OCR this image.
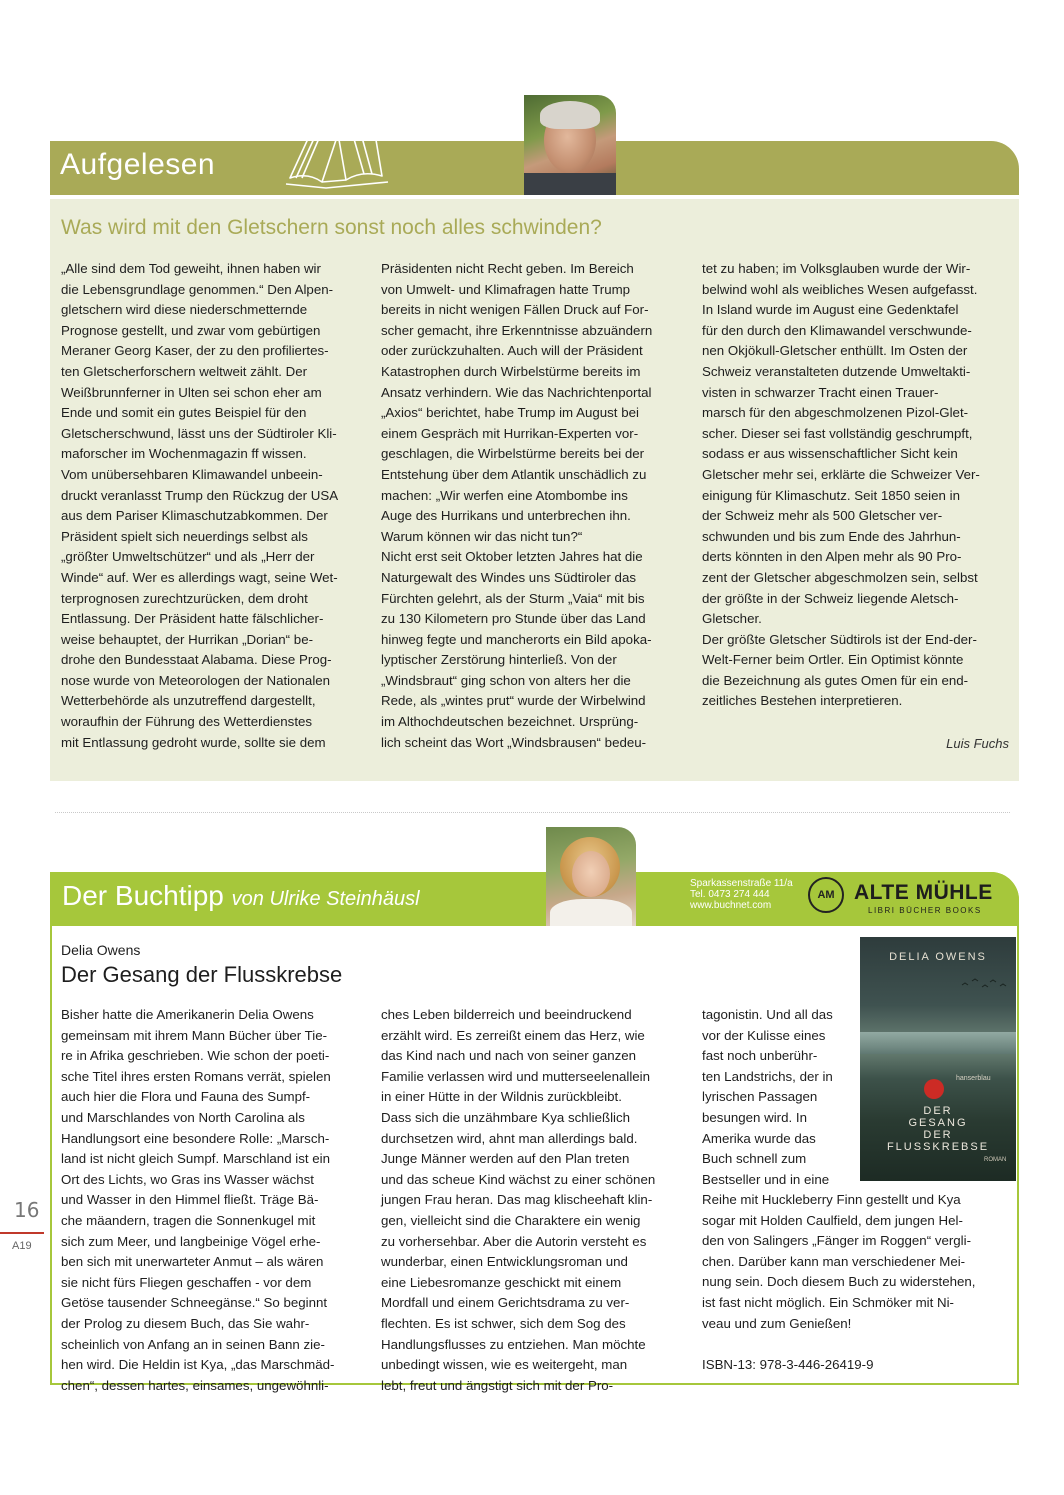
Aufgelesen
Was wird mit den Gletschern sonst noch alles schwinden?
„Alle sind dem Tod geweiht, ihnen haben wir
die Lebensgrundlage genommen.“ Den Alpen-
gletschern wird diese niederschmetternde
Prognose gestellt, und zwar vom gebürtigen
Meraner Georg Kaser, der zu den profiliertes-
ten Gletscherforschern weltweit zählt. Der
Weißbrunnferner in Ulten sei schon eher am
Ende und somit ein gutes Beispiel für den
Gletscherschwund, lässt uns der Südtiroler Kli-
maforscher im Wochenmagazin ff wissen.
Vom unübersehbaren Klimawandel unbeein-
druckt veranlasst Trump den Rückzug der USA
aus dem Pariser Klimaschutzabkommen. Der
Präsident spielt sich neuerdings selbst als
„größter Umweltschützer“ und als „Herr der
Winde“ auf. Wer es allerdings wagt, seine Wet-
terprognosen zurechtzurücken, dem droht
Entlassung. Der Präsident hatte fälschlicher-
weise behauptet, der Hurrikan „Dorian“ be-
drohe den Bundesstaat Alabama. Diese Prog-
nose wurde von Meteorologen der Nationalen
Wetterbehörde als unzutreffend dargestellt,
woraufhin der Führung des Wetterdienstes
mit Entlassung gedroht wurde, sollte sie dem
Präsidenten nicht Recht geben. Im Bereich
von Umwelt- und Klimafragen hatte Trump
bereits in nicht wenigen Fällen Druck auf For-
scher gemacht, ihre Erkenntnisse abzuändern
oder zurückzuhalten. Auch will der Präsident
Katastrophen durch Wirbelstürme bereits im
Ansatz verhindern. Wie das Nachrichtenportal
„Axios“ berichtet, habe Trump im August bei
einem Gespräch mit Hurrikan-Experten vor-
geschlagen, die Wirbelstürme bereits bei der
Entstehung über dem Atlantik unschädlich zu
machen: „Wir werfen eine Atombombe ins
Auge des Hurrikans und unterbrechen ihn.
Warum können wir das nicht tun?“
Nicht erst seit Oktober letzten Jahres hat die
Naturgewalt des Windes uns Südtiroler das
Fürchten gelehrt, als der Sturm „Vaia“ mit bis
zu 130 Kilometern pro Stunde über das Land
hinweg fegte und mancherorts ein Bild apoka-
lyptischer Zerstörung hinterließ. Von der
„Windsbraut“ ging schon von alters her die
Rede, als „wintes prut“ wurde der Wirbelwind
im Althochdeutschen bezeichnet. Ursprüng-
lich scheint das Wort „Windsbrausen“ bedeu-
tet zu haben; im Volksglauben wurde der Wir-
belwind wohl als weibliches Wesen aufgefasst.
In Island wurde im August eine Gedenktafel
für den durch den Klimawandel verschwunde-
nen Okjökull-Gletscher enthüllt. Im Osten der
Schweiz veranstalteten dutzende Umweltakti-
visten in schwarzer Tracht einen Trauer-
marsch für den abgeschmolzenen Pizol-Glet-
scher. Dieser sei fast vollständig geschrumpft,
sodass er aus wissenschaftlicher Sicht kein
Gletscher mehr sei, erklärte die Schweizer Ver-
einigung für Klimaschutz. Seit 1850 seien in
der Schweiz mehr als 500 Gletscher ver-
schwunden und bis zum Ende des Jahrhun-
derts könnten in den Alpen mehr als 90 Pro-
zent der Gletscher abgeschmolzen sein, selbst
der größte in der Schweiz liegende Aletsch-
Gletscher.
Der größte Gletscher Südtirols ist der End-der-
Welt-Ferner beim Ortler. Ein Optimist könnte
die Bezeichnung als gutes Omen für ein end-
zeitliches Bestehen interpretieren.
Luis Fuchs
Der Buchtipp von Ulrike Steinhäusl
Sparkassenstraße 11/a
Tel. 0473 274 444
www.buchnet.com
AM ALTE MÜHLE
LIBRI BÜCHER BOOKS
Delia Owens
Der Gesang der Flusskrebse
Bisher hatte die Amerikanerin Delia Owens
gemeinsam mit ihrem Mann Bücher über Tie-
re in Afrika geschrieben. Wie schon der poeti-
sche Titel ihres ersten Romans verrät, spielen
auch hier die Flora und Fauna des Sumpf-
und Marschlandes von North Carolina als
Handlungsort eine besondere Rolle: „Marsch-
land ist nicht gleich Sumpf. Marschland ist ein
Ort des Lichts, wo Gras ins Wasser wächst
und Wasser in den Himmel fließt. Träge Bä-
che mäandern, tragen die Sonnenkugel mit
sich zum Meer, und langbeinige Vögel erhe-
ben sich mit unerwarteter Anmut – als wären
sie nicht fürs Fliegen geschaffen - vor dem
Getöse tausender Schneegänse.“ So beginnt
der Prolog zu diesem Buch, das Sie wahr-
scheinlich von Anfang an in seinen Bann zie-
hen wird. Die Heldin ist Kya, „das Marschmäd-
chen“, dessen hartes, einsames, ungewöhnli-
ches Leben bilderreich und beeindruckend
erzählt wird. Es zerreißt einem das Herz, wie
das Kind nach und nach von seiner ganzen
Familie verlassen wird und mutterseelenallein
in einer Hütte in der Wildnis zurückbleibt.
Dass sich die unzähmbare Kya schließlich
durchsetzen wird, ahnt man allerdings bald.
Junge Männer werden auf den Plan treten
und das scheue Kind wächst zu einer schönen
jungen Frau heran. Das mag klischeehaft klin-
gen, vielleicht sind die Charaktere ein wenig
zu vorhersehbar. Aber die Autorin versteht es
wunderbar, einen Entwicklungsroman und
eine Liebesromanze geschickt mit einem
Mordfall und einem Gerichtsdrama zu ver-
flechten. Es ist schwer, sich dem Sog des
Handlungsflusses zu entziehen. Man möchte
unbedingt wissen, wie es weitergeht, man
lebt, freut und ängstigt sich mit der Pro-
tagonistin. Und all das
vor der Kulisse eines
fast noch unberühr-
ten Landstrichs, der in
lyrischen Passagen
besungen wird. In
Amerika wurde das
Buch schnell zum
Bestseller und in eine
Reihe mit Huckleberry Finn gestellt und Kya
sogar mit Holden Caulfield, dem jungen Hel-
den von Salingers „Fänger im Roggen“ vergli-
chen. Darüber kann man verschiedener Mei-
nung sein. Doch diesem Buch zu widerstehen,
ist fast nicht möglich. Ein Schmöker mit Ni-
veau und zum Genießen!
ISBN-13: 978-3-446-26419-9
DELIA OWENS
hanserblau
DER
GESANG
DER
FLUSSKREBSE
ROMAN
16
A19
